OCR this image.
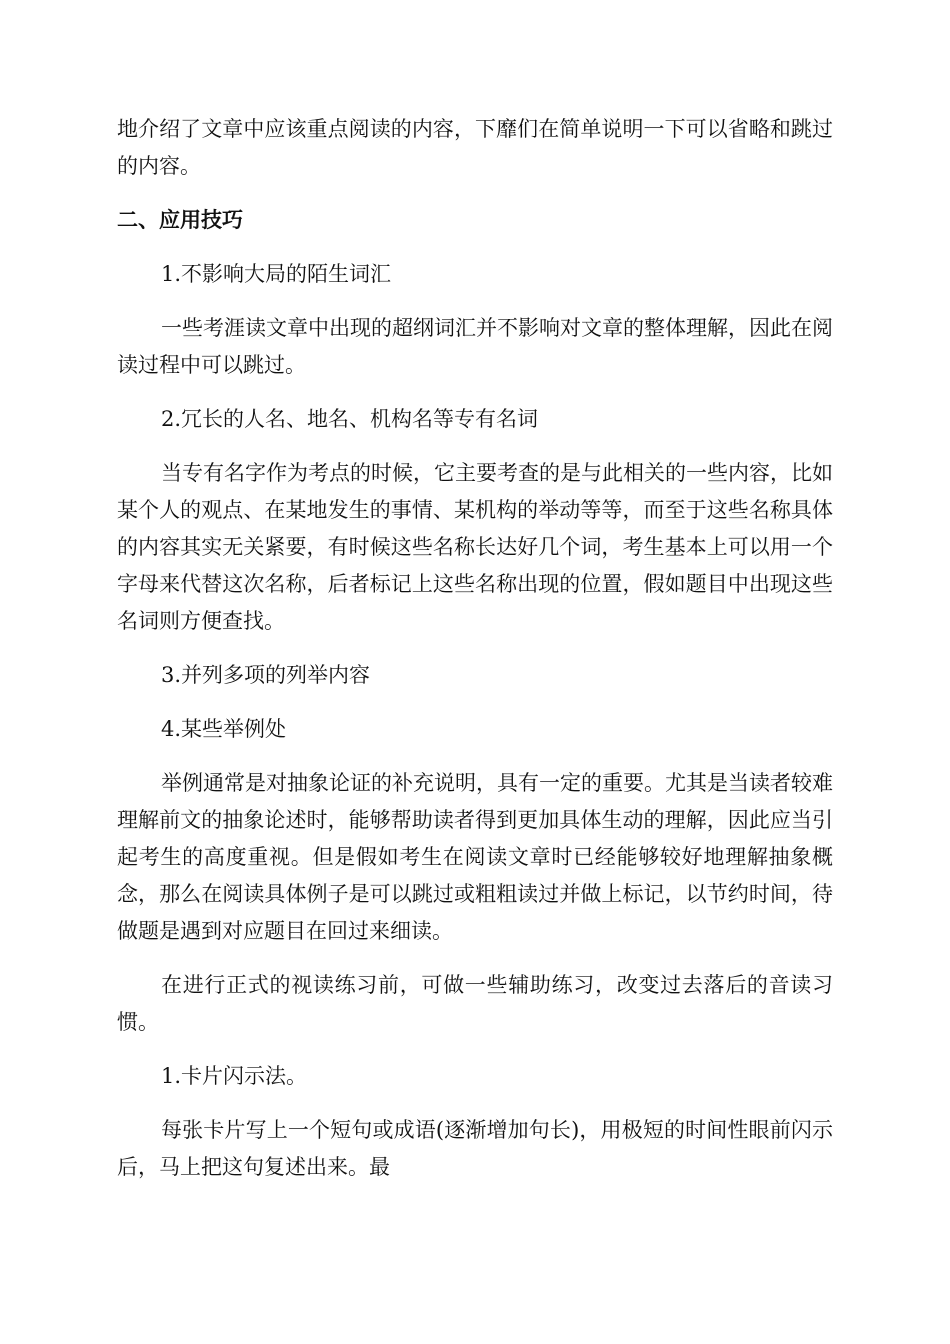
地介绍了文章中应该重点阅读的内容，下靡们在简单说明一下可以省略和跳过的内容。

二、应用技巧

1.不影响大局的陌生词汇

一些考涯读文章中出现的超纲词汇并不影响对文章的整体理解，因此在阅读过程中可以跳过。

2.冗长的人名、地名、机构名等专有名词

当专有名字作为考点的时候，它主要考查的是与此相关的一些内容，比如某个人的观点、在某地发生的事情、某机构的举动等等，而至于这些名称具体的内容其实无关紧要，有时候这些名称长达好几个词，考生基本上可以用一个字母来代替这次名称，后者标记上这些名称出现的位置，假如题目中出现这些名词则方便查找。

3.并列多项的列举内容

4.某些举例处

举例通常是对抽象论证的补充说明，具有一定的重要。尤其是当读者较难理解前文的抽象论述时，能够帮助读者得到更加具体生动的理解，因此应当引起考生的高度重视。但是假如考生在阅读文章时已经能够较好地理解抽象概念，那么在阅读具体例子是可以跳过或粗粗读过并做上标记，以节约时间，待做题是遇到对应题目在回过来细读。

在进行正式的视读练习前，可做一些辅助练习，改变过去落后的音读习惯。

1.卡片闪示法。

每张卡片写上一个短句或成语(逐渐增加句长)，用极短的时间性眼前闪示后，马上把这句复述出来。最
